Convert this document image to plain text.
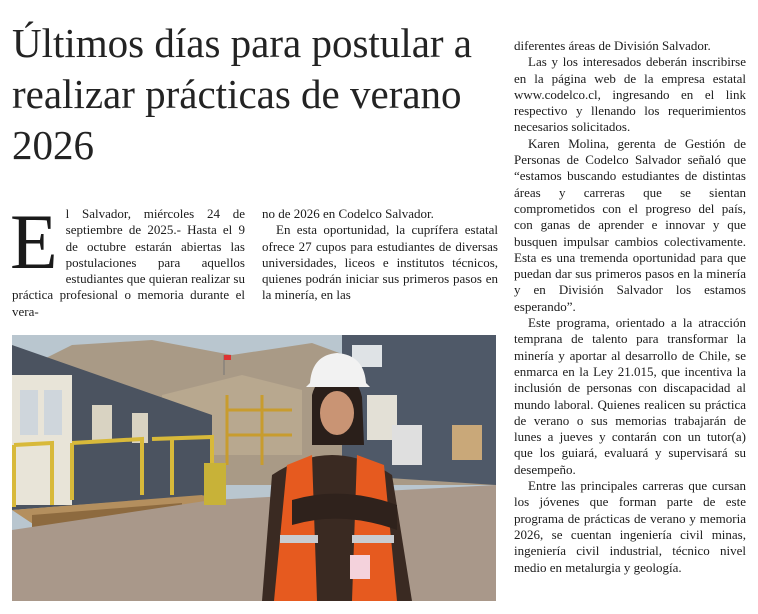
Últimos días para postular a realizar prácticas de verano 2026
E l Salvador, miércoles 24 de septiembre de 2025.- Hasta el 9 de octubre estarán abiertas las postulaciones para aquellos estudiantes que quieran realizar su práctica profesional o memoria durante el vera-

no de 2026 en Codelco Salvador.

En esta oportunidad, la cuprífera estatal ofrece 27 cupos para estudiantes de diversas universidades, liceos e institutos técnicos, quienes podrán iniciar sus primeros pasos en la minería, en las

diferentes áreas de División Salvador.

Las y los interesados deberán inscribirse en la página web de la empresa estatal www.codelco.cl, ingresando en el link respectivo y llenando los requerimientos necesarios solicitados.

Karen Molina, gerenta de Gestión de Personas de Codelco Salvador señaló que “estamos buscando estudiantes de distintas áreas y carreras que se sientan comprometidos con el progreso del país, con ganas de aprender e innovar y que busquen impulsar cambios colectivamente. Esta es una tremenda oportunidad para que puedan dar sus primeros pasos en la minería y en División Salvador los estamos esperando”.

Este programa, orientado a la atracción temprana de talento para transformar la minería y aportar al desarrollo de Chile, se enmarca en la Ley 21.015, que incentiva la inclusión de personas con discapacidad al mundo laboral. Quienes realicen su práctica de verano o sus memorias trabajarán de lunes a jueves y contarán con un tutor(a) que los guiará, evaluará y supervisará su desempeño.

Entre las principales carreras que cursan los jóvenes que forman parte de este programa de prácticas de verano y memoria 2026, se cuentan ingeniería civil minas, ingeniería civil industrial, técnico nivel medio en metalurgia y geología.
